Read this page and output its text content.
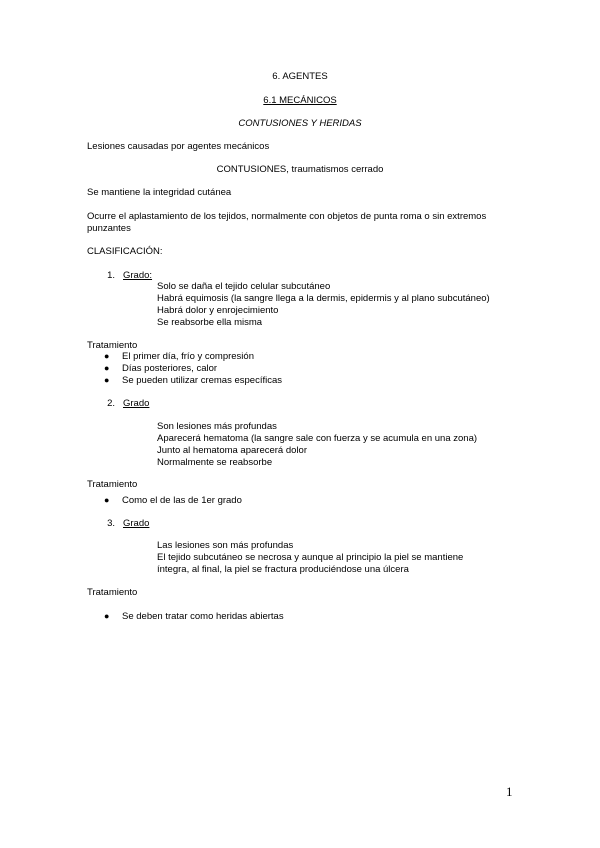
6. AGENTES
6.1 MECÁNICOS
CONTUSIONES Y HERIDAS
Lesiones causadas por agentes mecánicos
CONTUSIONES, traumatismos cerrado
Se mantiene la integridad cutánea
Ocurre el aplastamiento de los tejidos, normalmente con objetos de punta roma o sin extremos
punzantes
CLASIFICACIÓN:
1. Grado:
Solo se daña el tejido celular subcutáneo
Habrá equimosis (la sangre llega a la dermis, epidermis y al plano subcutáneo)
Habrá dolor y enrojecimiento
Se reabsorbe ella misma
Tratamiento
● El primer día, frío y compresión
● Días posteriores, calor
● Se pueden utilizar cremas específicas
2. Grado
Son lesiones más profundas
Aparecerá hematoma (la sangre sale con fuerza y se acumula en una zona)
Junto al hematoma aparecerá dolor
Normalmente se reabsorbe
Tratamiento
● Como el de las de 1er grado
3. Grado
Las lesiones son más profundas
El tejido subcutáneo se necrosa y aunque al principio la piel se mantiene
íntegra, al final, la piel se fractura produciéndose una úlcera
Tratamiento
● Se deben tratar como heridas abiertas
1
